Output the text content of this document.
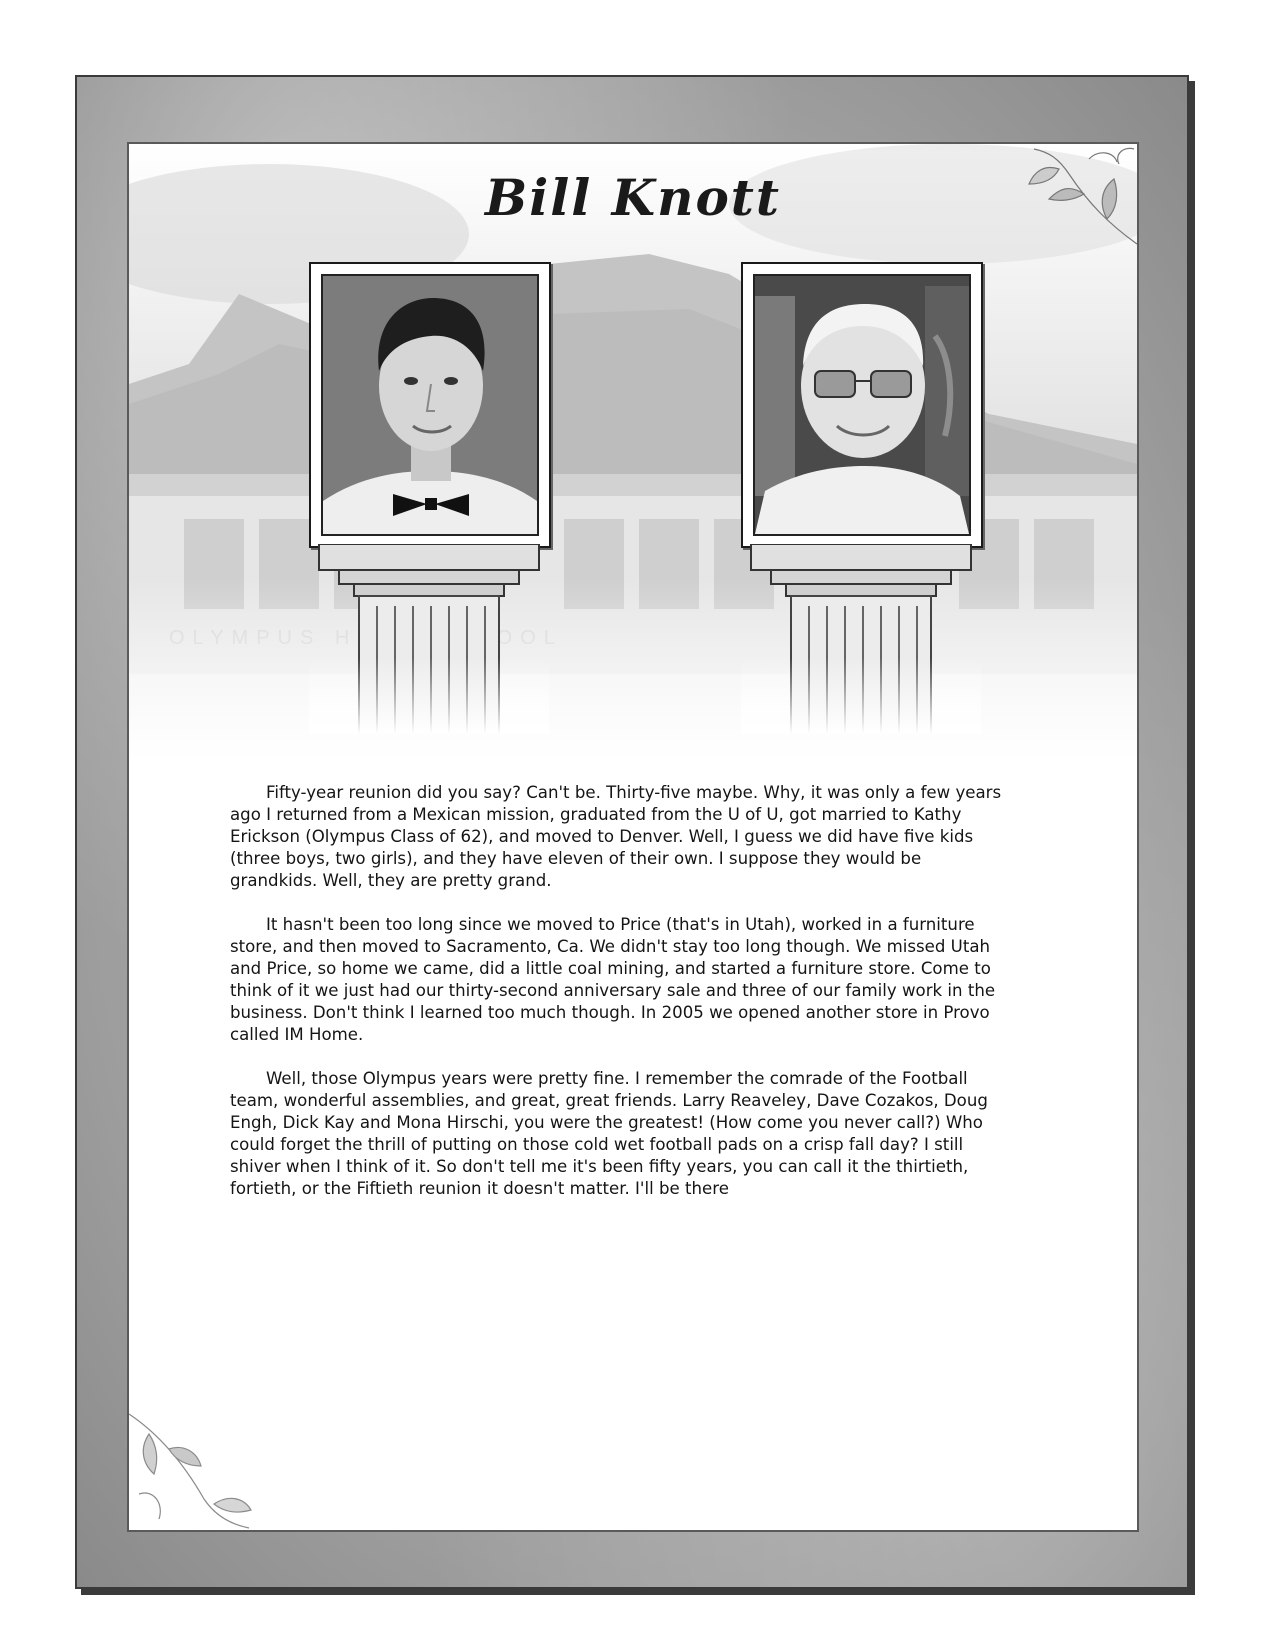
Bill Knott

Fifty-year reunion did you say? Can't be. Thirty-five maybe. Why, it was only a few years ago I returned from a Mexican mission, graduated from the U of U, got married to Kathy Erickson (Olympus Class of 62), and moved to Denver. Well, I guess we did have five kids (three boys, two girls), and they have eleven of their own. I suppose they would be grandkids. Well, they are pretty grand.

It hasn't been too long since we moved to Price (that's in Utah), worked in a furniture store, and then moved to Sacramento, Ca. We didn't stay too long though. We missed Utah and Price, so home we came, did a little coal mining, and started a furniture store. Come to think of it we just had our thirty-second anniversary sale and three of our family work in the business. Don't think I learned too much though. In 2005 we opened another store in Provo called IM Home.

Well, those Olympus years were pretty fine. I remember the comrade of the Football team, wonderful assemblies, and great, great friends. Larry Reaveley, Dave Cozakos, Doug Engh, Dick Kay and Mona Hirschi, you were the greatest! (How come you never call?) Who could forget the thrill of putting on those cold wet football pads on a crisp fall day? I still shiver when I think of it. So don't tell me it's been fifty years, you can call it the thirtieth, fortieth, or the Fiftieth reunion it doesn't matter. I'll be there
